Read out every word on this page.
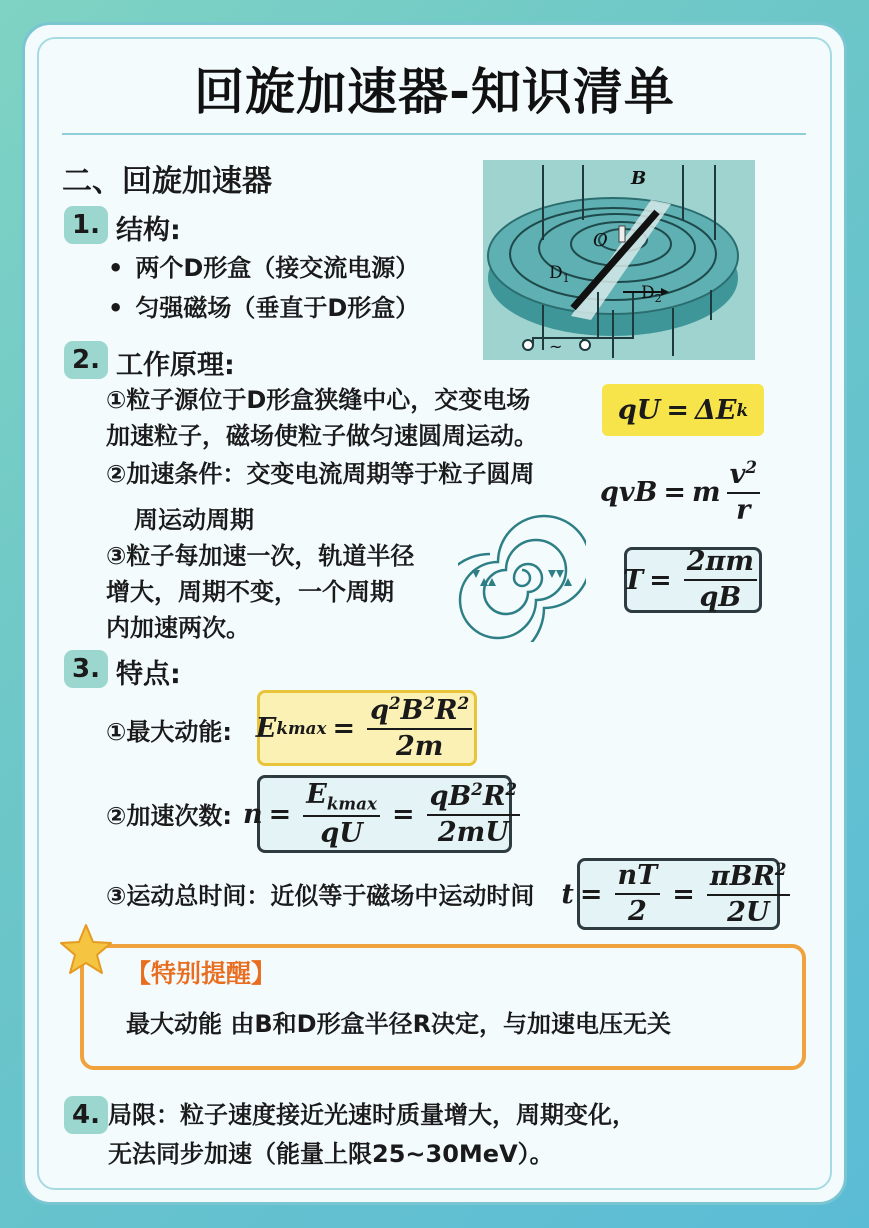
回旋加速器-知识清单
二、回旋加速器
1. 结构:
• 两个D形盒（接交流电源）
• 匀强磁场（垂直于D形盒）
B
O
$D_1$
$D_2$
~
2. 工作原理:
①粒子源位于D形盒狭缝中心，交变电场
加速粒子，磁场使粒子做匀速圆周运动。
②加速条件：交变电流周期等于粒子圆周
周运动周期
③粒子每加速一次，轨道半径
增大，周期不变，一个周期
内加速两次。
qU = ΔE k
qvB = m $\frac{v^2}{r}$
$T = \frac{2\pi m}{qB}$
3. 特点:
①最大动能: E $kmax = \frac{q^2B^2R^2}{2m}$
②加速次数: $n = \frac{E_{kmax}}{qU} = \frac{qB^2R^2}{2mU}$
③运动总时间：近似等于磁场中运动时间 $t = \frac{nT}{2} = \frac{\pi BR^2}{2U}$
【特别提醒】
最大动能 由B和D形盒半径R决定，与加速电压无关
4. 局限：粒子速度接近光速时质量增大，周期变化，
无法同步加速（能量上限25~30MeV）。
